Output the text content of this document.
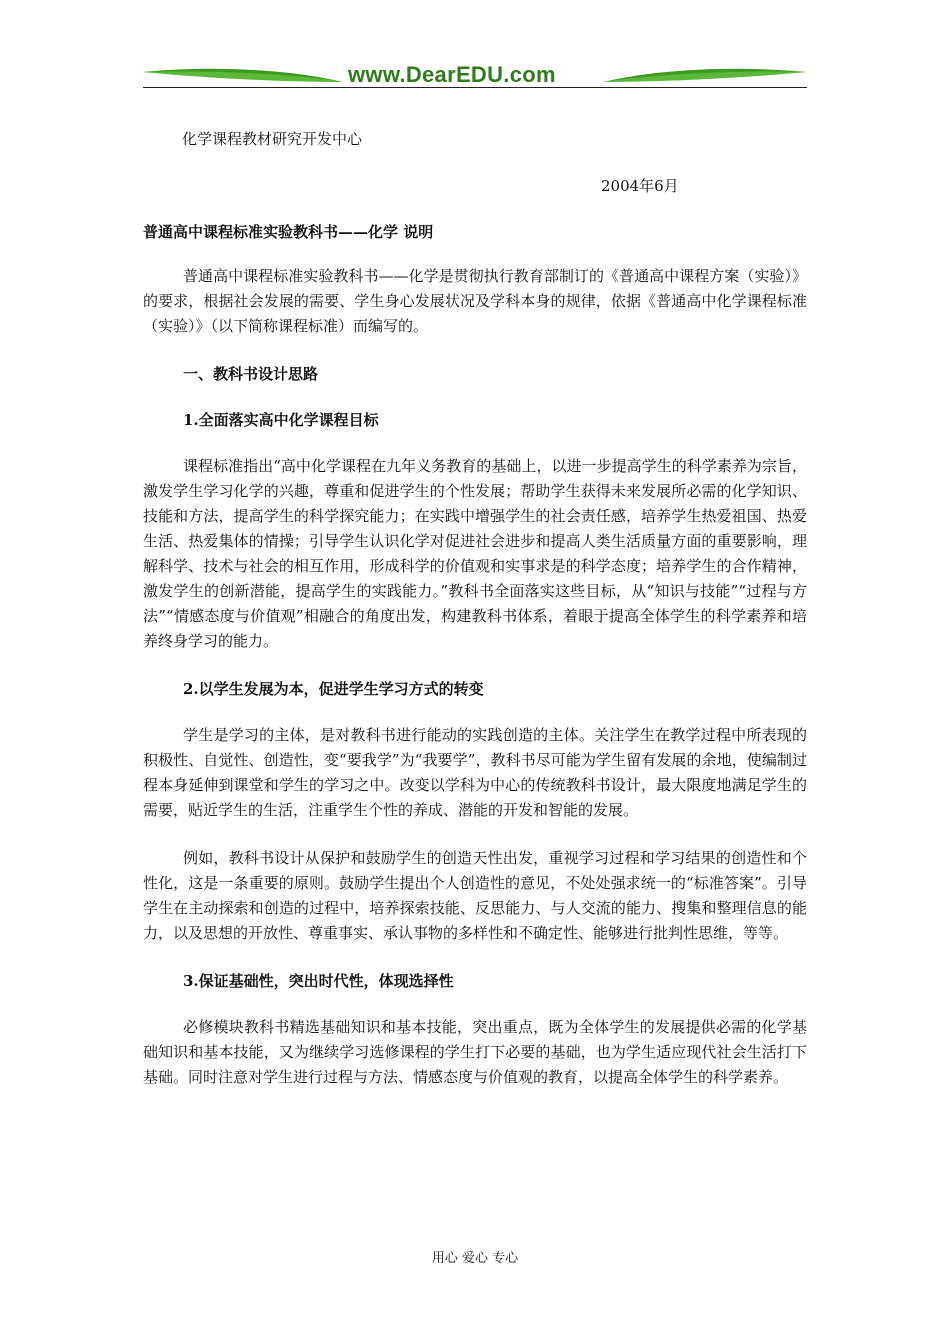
www.DearEDU.com
化学课程教材研究开发中心
2004年6月
普通高中课程标准实验教科书——化学 说明

普通高中课程标准实验教科书——化学是贯彻执行教育部制订的《普通高中课程方案（实验）》的要求，根据社会发展的需要、学生身心发展状况及学科本身的规律，依据《普通高中化学课程标准（实验）》（以下简称课程标准）而编写的。

一、教科书设计思路
1.全面落实高中化学课程目标

课程标准指出“高中化学课程在九年义务教育的基础上，以进一步提高学生的科学素养为宗旨，激发学生学习化学的兴趣，尊重和促进学生的个性发展；帮助学生获得未来发展所必需的化学知识、技能和方法，提高学生的科学探究能力；在实践中增强学生的社会责任感，培养学生热爱祖国、热爱生活、热爱集体的情操；引导学生认识化学对促进社会进步和提高人类生活质量方面的重要影响，理解科学、技术与社会的相互作用，形成科学的价值观和实事求是的科学态度；培养学生的合作精神，激发学生的创新潜能，提高学生的实践能力。”教科书全面落实这些目标，从“知识与技能”“过程与方法”“情感态度与价值观”相融合的角度出发，构建教科书体系，着眼于提高全体学生的科学素养和培养终身学习的能力。

2.以学生发展为本，促进学生学习方式的转变

学生是学习的主体，是对教科书进行能动的实践创造的主体。关注学生在教学过程中所表现的积极性、自觉性、创造性，变“要我学”为“我要学”，教科书尽可能为学生留有发展的余地，使编制过程本身延伸到课堂和学生的学习之中。改变以学科为中心的传统教科书设计，最大限度地满足学生的需要，贴近学生的生活，注重学生个性的养成、潜能的开发和智能的发展。

例如，教科书设计从保护和鼓励学生的创造天性出发，重视学习过程和学习结果的创造性和个性化，这是一条重要的原则。鼓励学生提出个人创造性的意见，不处处强求统一的“标准答案”。引导学生在主动探索和创造的过程中，培养探索技能、反思能力、与人交流的能力、搜集和整理信息的能力，以及思想的开放性、尊重事实、承认事物的多样性和不确定性、能够进行批判性思维，等等。

3.保证基础性，突出时代性，体现选择性

必修模块教科书精选基础知识和基本技能，突出重点，既为全体学生的发展提供必需的化学基础知识和基本技能，又为继续学习选修课程的学生打下必要的基础，也为学生适应现代社会生活打下基础。同时注意对学生进行过程与方法、情感态度与价值观的教育，以提高全体学生的科学素养。

用心 爱心 专心
